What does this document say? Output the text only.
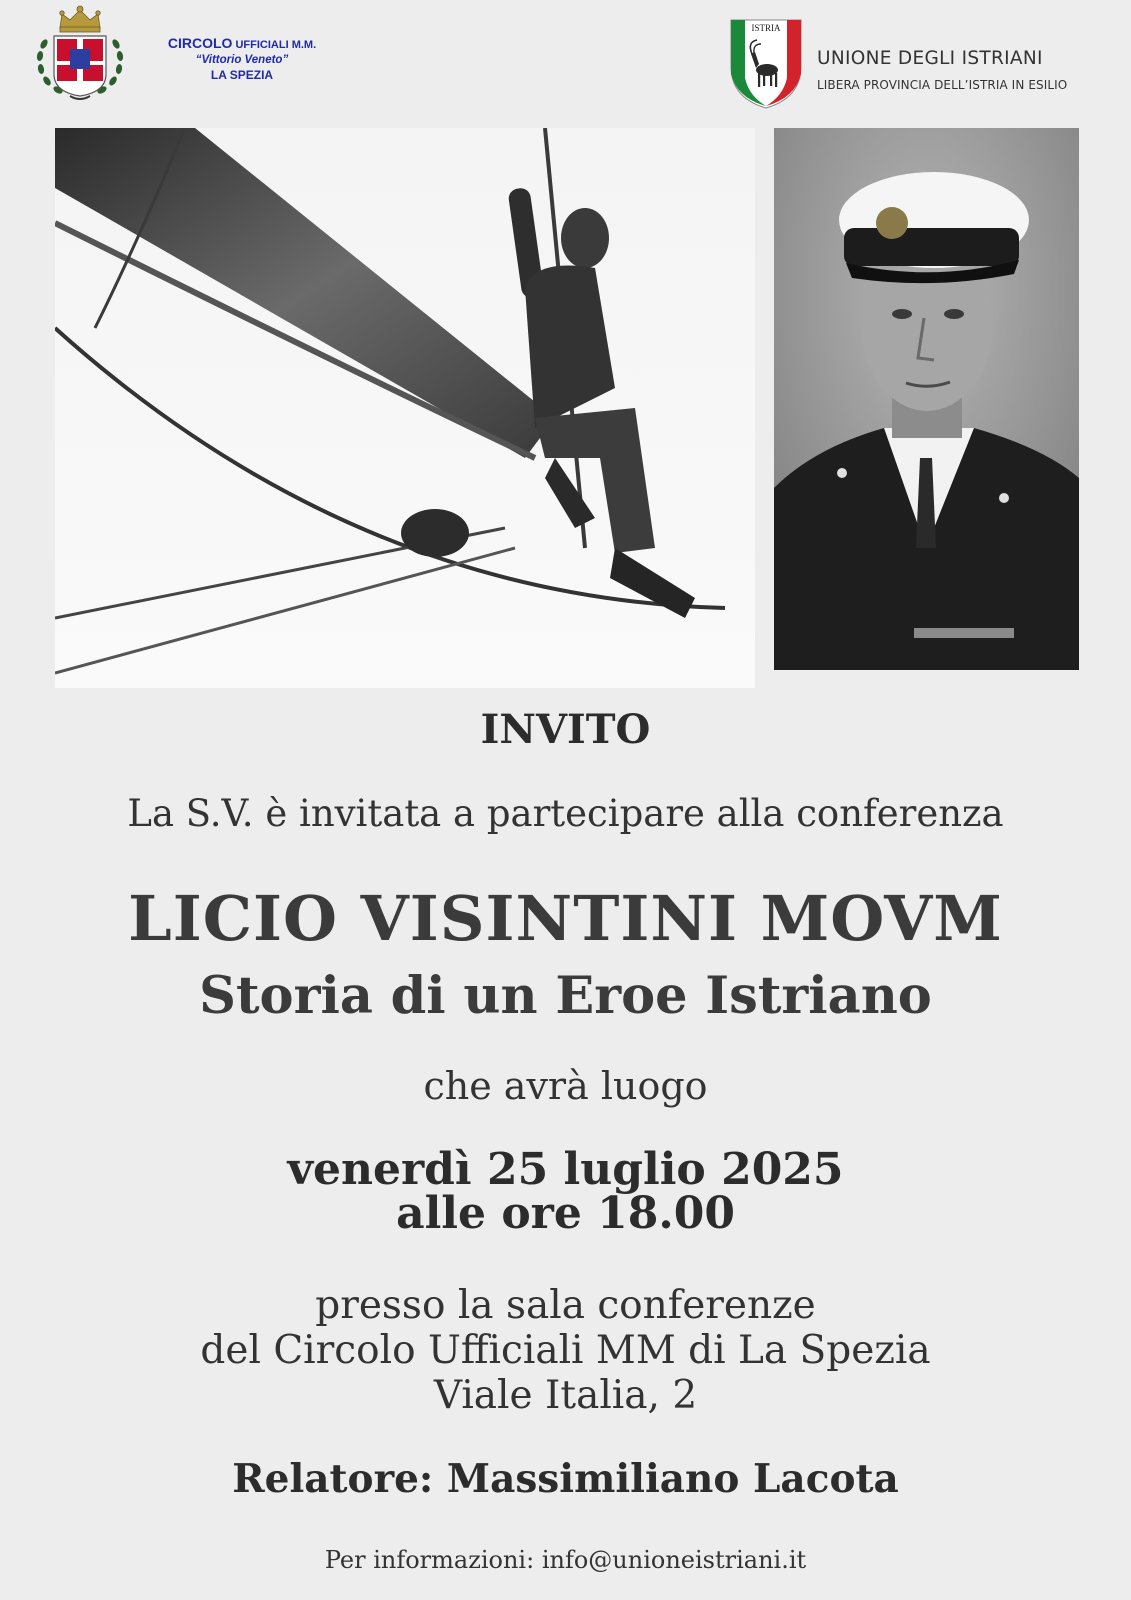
CIRCOLO UFFICIALI M.M.
“Vittorio Veneto”
LA SPEZIA
ISTRIA
UNIONE DEGLI ISTRIANI
LIBERA PROVINCIA DELL’ISTRIA IN ESILIO
INVITO
La S.V. è invitata a partecipare alla conferenza
LICIO VISINTINI MOVM
Storia di un Eroe Istriano
che avrà luogo
venerdì 25 luglio 2025
alle ore 18.00
presso la sala conferenze
del Circolo Ufficiali MM di La Spezia
Viale Italia, 2
Relatore: Massimiliano Lacota
Per informazioni: info@unioneistriani.it
